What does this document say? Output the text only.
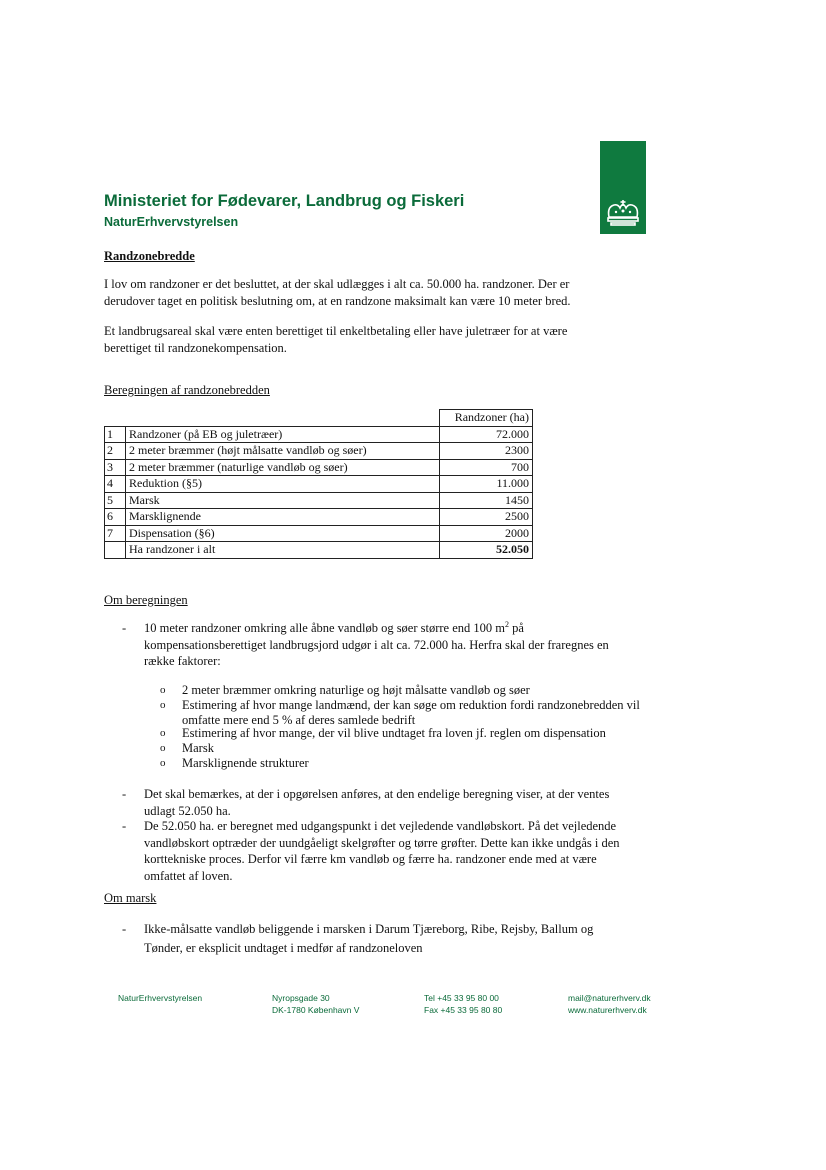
Ministeriet for Fødevarer, Landbrug og Fiskeri
NaturErhvervstyrelsen
Randzonebredde
I lov om randzoner er det besluttet, at der skal udlægges i alt ca. 50.000 ha. randzoner. Der er derudover taget en politisk beslutning om, at en randzone maksimalt kan være 10 meter bred.
Et landbrugsareal skal være enten berettiget til enkeltbetaling eller have juletræer for at være berettiget til randzonekompensation.
Beregningen af randzonebredden
		Randzoner (ha)
1	Randzoner (på EB og juletræer)	72.000
2	2 meter bræmmer (højt målsatte vandløb og søer)	2300
3	2 meter bræmmer (naturlige vandløb og søer)	700
4	Reduktion (§5)	11.000
5	Marsk	1450
6	Marsklignende	2500
7	Dispensation (§6)	2000
	Ha randzoner i alt	52.050
Om beregningen
- 10 meter randzoner omkring alle åbne vandløb og søer større end 100 $m^2$ på kompensationsberettiget landbrugsjord udgør i alt ca. 72.000 ha. Herfra skal der fraregnes en række faktorer:
o 2 meter bræmmer omkring naturlige og højt målsatte vandløb og søer
o Estimering af hvor mange landmænd, der kan søge om reduktion fordi randzonebredden vil omfatte mere end 5 % af deres samlede bedrift
o Estimering af hvor mange, der vil blive undtaget fra loven jf. reglen om dispensation
o Marsk
o Marsklignende strukturer
- Det skal bemærkes, at der i opgørelsen anføres, at den endelige beregning viser, at der ventes udlagt 52.050 ha.
- De 52.050 ha. er beregnet med udgangspunkt i det vejledende vandløbskort. På det vejledende vandløbskort optræder der uundgåeligt skelgrøfter og tørre grøfter. Dette kan ikke undgås i den korttekniske proces. Derfor vil færre km vandløb og færre ha. randzoner ende med at være omfattet af loven.
Om marsk
- Ikke-målsatte vandløb beliggende i marsken i Darum Tjæreborg, Ribe, Rejsby, Ballum og Tønder, er eksplicit undtaget i medfør af randzoneloven
NaturErhvervstyrelsen	Nyropsgade 30
DK-1780 København V
Tel +45 33 95 80 00
Fax +45 33 95 80 80
mail@naturerhverv.dk
www.naturerhverv.dk
